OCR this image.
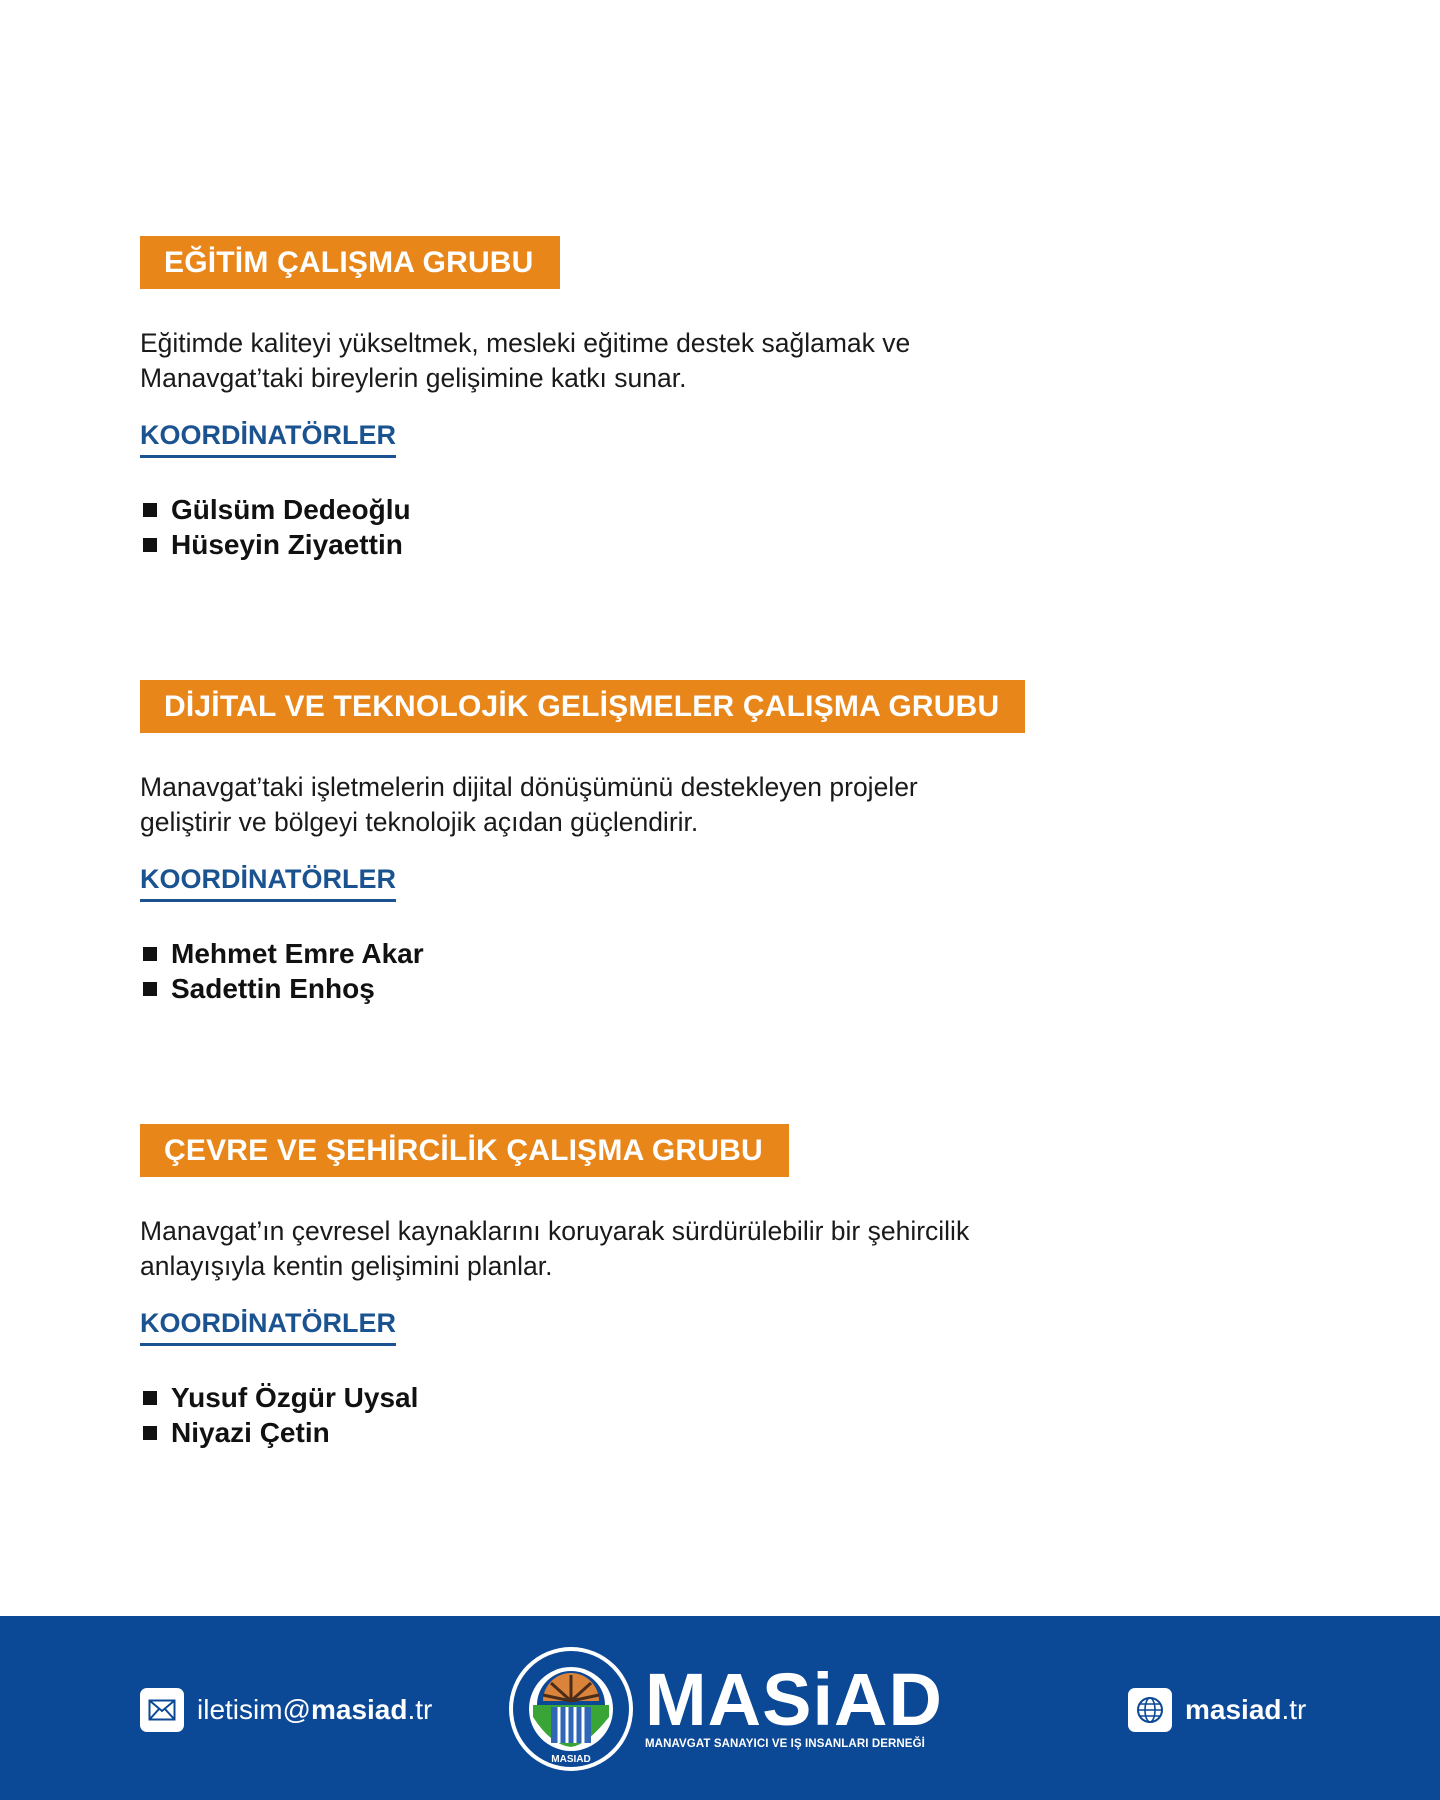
EĞİTİM ÇALIŞMA GRUBU
Eğitimde kaliteyi yükseltmek, mesleki eğitime destek sağlamak ve
Manavgat’taki bireylerin gelişimine katkı sunar.
KOORDİNATÖRLER
Gülsüm Dedeoğlu
Hüseyin Ziyaettin
DİJİTAL VE TEKNOLOJİK GELİŞMELER ÇALIŞMA GRUBU
Manavgat’taki işletmelerin dijital dönüşümünü destekleyen projeler
geliştirir ve bölgeyi teknolojik açıdan güçlendirir.
KOORDİNATÖRLER
Mehmet Emre Akar
Sadettin Enhoş
ÇEVRE VE ŞEHİRCİLİK ÇALIŞMA GRUBU
Manavgat’ın çevresel kaynaklarını koruyarak sürdürülebilir bir şehircilik
anlayışıyla kentin gelişimini planlar.
KOORDİNATÖRLER
Yusuf Özgür Uysal
Niyazi Çetin
iletisim@ masiad .tr
MASIAD
MASiAD
MANAVGAT SANAYICI VE IŞ INSANLARI DERNEĞİ
masiad .tr
